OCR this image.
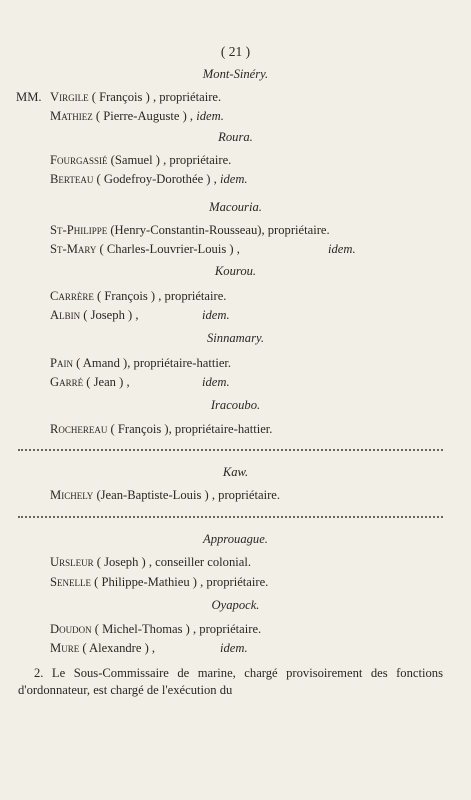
( 21 )
Mont-Sinéry.
MM. Virgile ( François ) , propriétaire.
Mathiez ( Pierre-Auguste ) , idem.
Roura.
Fourgassié (Samuel ) , propriétaire.
Berteau ( Godefroy-Dorothée ) , idem.
Macouria.
St-Philippe (Henry-Constantin-Rousseau), propriétaire.
St-Mary ( Charles-Louvrier-Louis ) ,	idem.
Kourou.
Carrère ( François ) , propriétaire.
Albin ( Joseph ) ,	idem.
Sinnamary.
Pain ( Amand ), propriétaire-hattier.
Garré ( Jean ) ,	idem.
Iracoubo.
Rochereau ( François ), propriétaire-hattier.
Kaw.
Michely (Jean-Baptiste-Louis ) , propriétaire.
Approuague.
Ursleur ( Joseph ) , conseiller colonial.
Senelle ( Philippe-Mathieu ) , propriétaire.
Oyapock.
Doudon ( Michel-Thomas ) , propriétaire.
Mure ( Alexandre ) ,	idem.
2. Le Sous-Commissaire de marine, chargé provisoirement des fonctions d'ordonnateur, est chargé de l'exécution du
